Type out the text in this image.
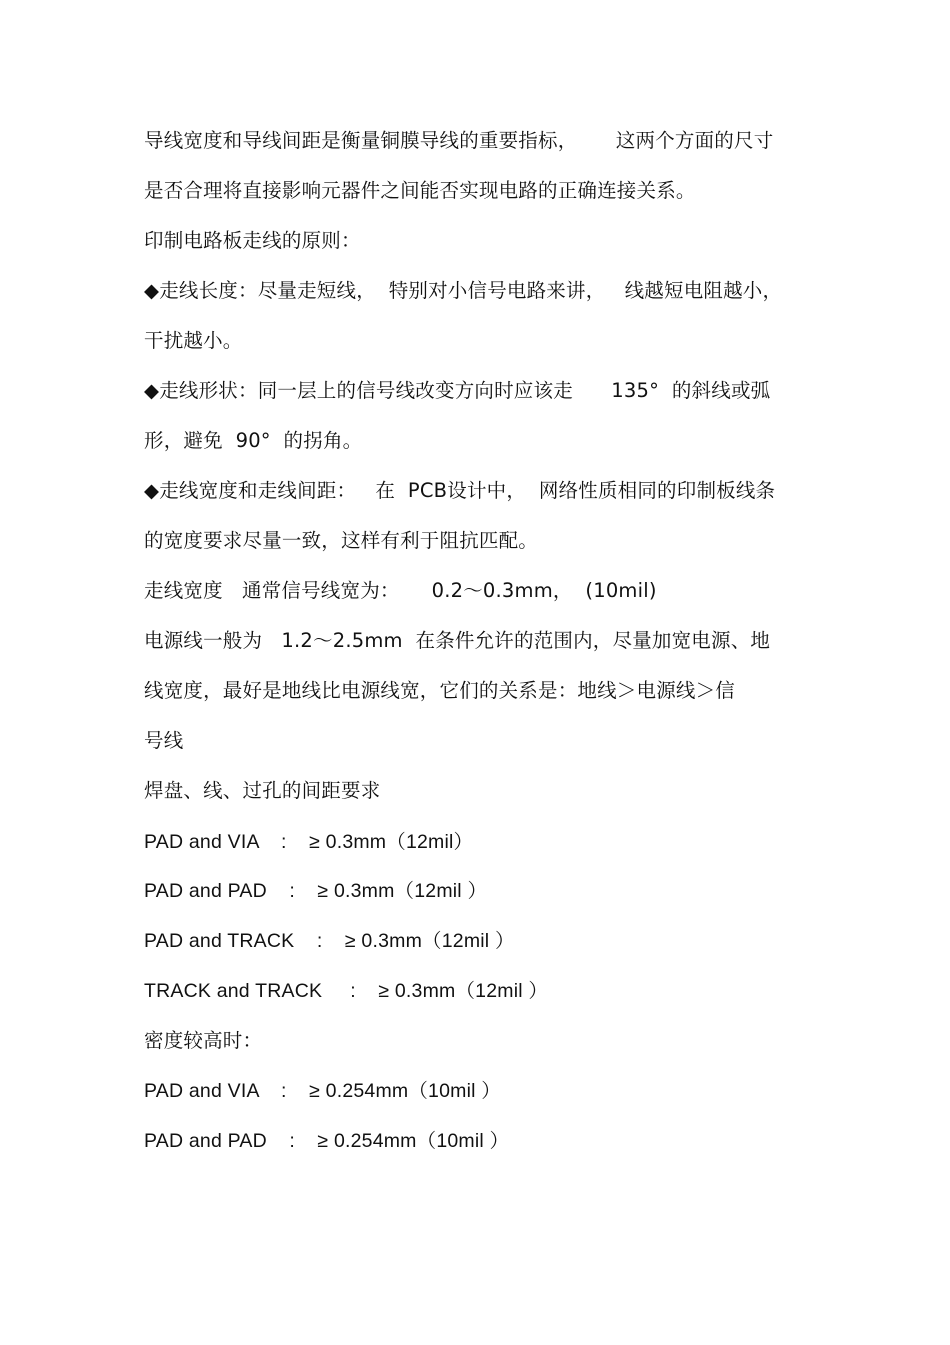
导线宽度和导线间距是衡量铜膜导线的重要指标，      这两个方面的尺寸
是否合理将直接影响元器件之间能否实现电路的正确连接关系。
印制电路板走线的原则：
◆走线长度：尽量走短线，  特别对小信号电路来讲，   线越短电阻越小，
干扰越小。
◆走线形状：同一层上的信号线改变方向时应该走      135°  的斜线或弧
形，避免  90°  的拐角。
◆走线宽度和走线间距：   在  PCB设计中，  网络性质相同的印制板线条
的宽度要求尽量一致，这样有利于阻抗匹配。
走线宽度   通常信号线宽为：     0.2～0.3mm，  (10mil)
电源线一般为   1.2～2.5mm  在条件允许的范围内，尽量加宽电源、地
线宽度，最好是地线比电源线宽，它们的关系是：地线＞电源线＞信
号线
焊盘、线、过孔的间距要求
PAD and VIA    :    ≥ 0.3mm（12mil）
PAD and PAD    :    ≥ 0.3mm（12mil ）
PAD and TRACK    :    ≥ 0.3mm（12mil ）
TRACK and TRACK     :    ≥ 0.3mm（12mil ）
密度较高时：
PAD and VIA    :    ≥ 0.254mm（10mil ）
PAD and PAD    :    ≥ 0.254mm（10mil ）
